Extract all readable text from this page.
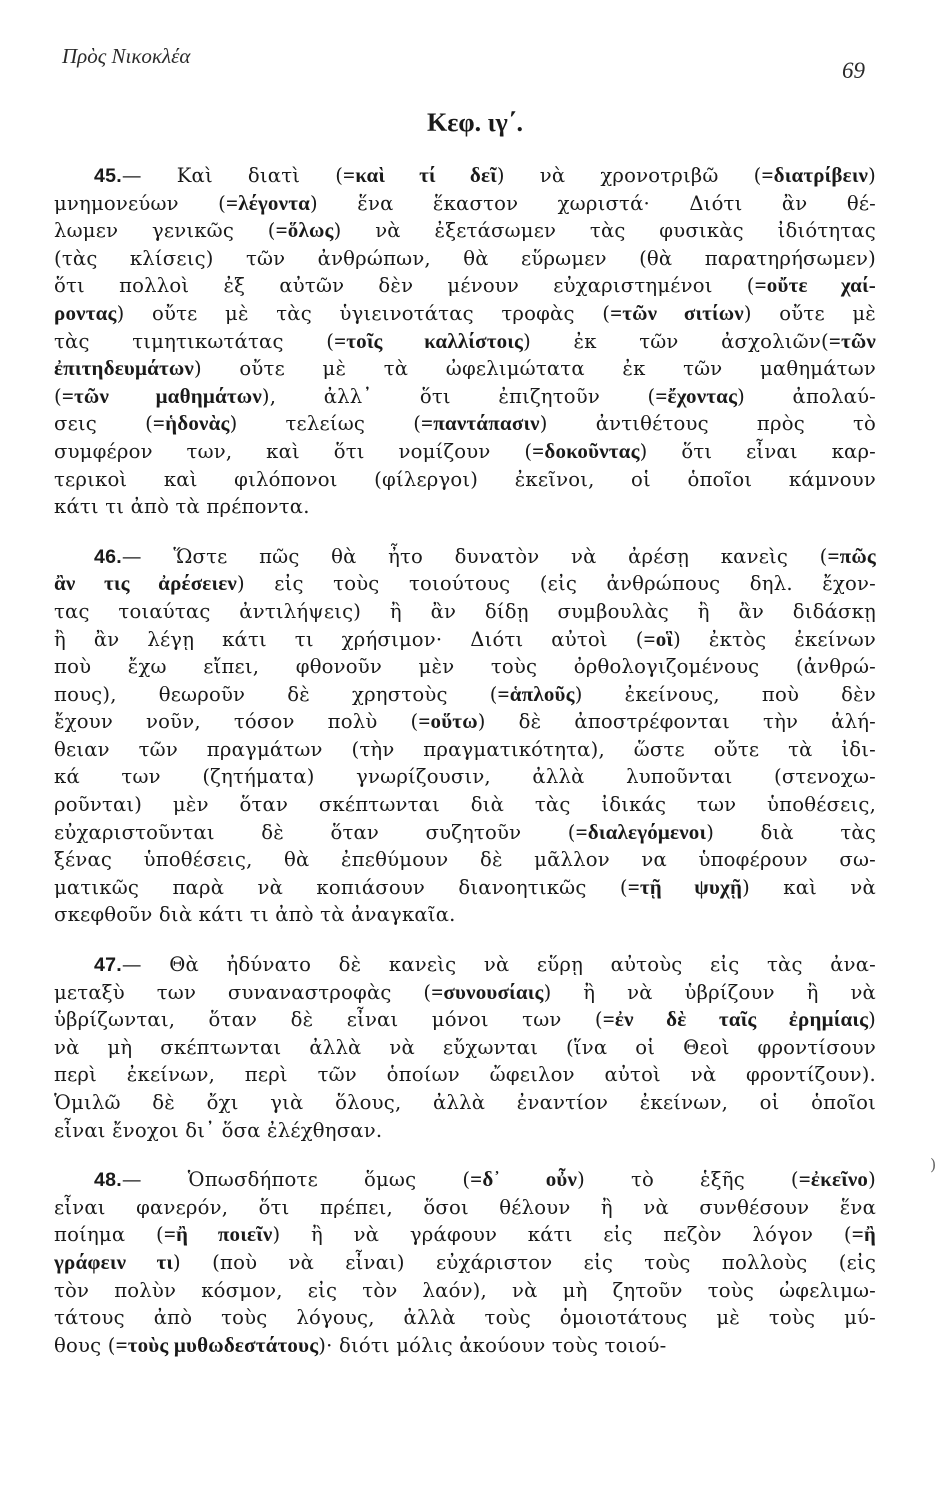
Πρὸς Νικοκλέα
69
Κεφ. ιγ΄.
45.— Καὶ διατὶ (=καὶ τί δεῖ) νὰ χρονοτριβῶ (=διατρίβειν)
μνημονεύων (=λέγοντα) ἕνα ἕκαστον χωριστά· Διότι ἂν θέ-
λωμεν γενικῶς (=ὅλως) νὰ ἐξετάσωμεν τὰς φυσικὰς ἰδιότητας
(τὰς κλίσεις) τῶν ἀνθρώπων, θὰ εὕρωμεν (θὰ παρατηρήσωμεν)
ὅτι πολλοὶ ἐξ αὐτῶν δὲν μένουν εὐχαριστημένοι (=οὔτε χαί-
ροντας) οὔτε μὲ τὰς ὑγιεινοτάτας τροφὰς (=τῶν σιτίων) οὔτε μὲ
τὰς τιμητικωτάτας (=τοῖς καλλίστοις) ἐκ τῶν ἀσχολιῶν(=τῶν
ἐπιτηδευμάτων) οὔτε μὲ τὰ ὠφελιμώτατα ἐκ τῶν μαθημάτων
(=τῶν μαθημάτων), ἀλλ᾽ ὅτι ἐπιζητοῦν (=ἔχοντας) ἀπολαύ-
σεις (=ἡδονὰς) τελείως (=παντάπασιν) ἀντιθέτους πρὸς τὸ
συμφέρον των, καὶ ὅτι νομίζουν (=δοκοῦντας) ὅτι εἶναι καρ-
τερικοὶ καὶ φιλόπονοι (φίλεργοι) ἐκεῖνοι, οἱ ὁποῖοι κάμνουν
κάτι τι ἀπὸ τὰ πρέποντα.
46.— Ὥστε πῶς θὰ ἦτο δυνατὸν νὰ ἀρέσῃ κανεὶς (=πῶς
ἂν τις ἀρέσειεν) εἰς τοὺς τοιούτους (εἰς ἀνθρώπους δηλ. ἔχον-
τας τοιαύτας ἀντιλήψεις) ἢ ἂν δίδῃ συμβουλὰς ἢ ἂν διδάσκῃ
ἢ ἂν λέγῃ κάτι τι χρήσιμον· Διότι αὐτοὶ (=οἳ) ἐκτὸς ἐκείνων
ποὺ ἔχω εἴπει, φθονοῦν μὲν τοὺς ὀρθολογιζομένους (ἀνθρώ-
πους), θεωροῦν δὲ χρηστοὺς (=ἁπλοῦς) ἐκείνους, ποὺ δὲν
ἔχουν νοῦν, τόσον πολὺ (=οὕτω) δὲ ἀποστρέφονται τὴν ἀλή-
θειαν τῶν πραγμάτων (τὴν πραγματικότητα), ὥστε οὔτε τὰ ἰδι-
κά των (ζητήματα) γνωρίζουσιν, ἀλλὰ λυποῦνται (στενοχω-
ροῦνται) μὲν ὅταν σκέπτωνται διὰ τὰς ἰδικάς των ὑποθέσεις,
εὐχαριστοῦνται δὲ ὅταν συζητοῦν (=διαλεγόμενοι) διὰ τὰς
ξένας ὑποθέσεις, θὰ ἐπεθύμουν δὲ μᾶλλον να ὑποφέρουν σω-
ματικῶς παρὰ νὰ κοπιάσουν διανοητικῶς (=τῇ ψυχῇ) καὶ νὰ
σκεφθοῦν διὰ κάτι τι ἀπὸ τὰ ἀναγκαῖα.
47.— Θὰ ἠδύνατο δὲ κανεὶς νὰ εὕρῃ αὐτοὺς εἰς τὰς ἀνα-
μεταξὺ των συναναστροφὰς (=συνουσίαις) ἢ νὰ ὑβρίζουν ἢ νὰ
ὑβρίζωνται, ὅταν δὲ εἶναι μόνοι των (=ἐν δὲ ταῖς ἐρημίαις)
νὰ μὴ σκέπτωνται ἀλλὰ νὰ εὔχωνται (ἵνα οἱ Θεοὶ φροντίσουν
περὶ ἐκείνων, περὶ τῶν ὁποίων ὤφειλον αὐτοὶ νὰ φροντίζουν).
Ὁμιλῶ δὲ ὄχι γιὰ ὅλους, ἀλλὰ ἐναντίον ἐκείνων, οἱ ὁποῖοι
εἶναι ἔνοχοι δι᾽ ὅσα ἐλέχθησαν.
48.— Ὁπωσδήποτε ὅμως (=δ᾽ οὖν) τὸ ἑξῆς (=ἐκεῖνο)
εἶναι φανερόν, ὅτι πρέπει, ὅσοι θέλουν ἢ νὰ συνθέσουν ἕνα
ποίημα (=ἢ ποιεῖν) ἢ νὰ γράφουν κάτι εἰς πεζὸν λόγον (=ἢ
γράφειν τι) (ποὺ νὰ εἶναι) εὐχάριστον εἰς τοὺς πολλοὺς (εἰς
τὸν πολὺν κόσμον, εἰς τὸν λαόν), νὰ μὴ ζητοῦν τοὺς ὠφελιμω-
τάτους ἀπὸ τοὺς λόγους, ἀλλὰ τοὺς ὁμοιοτάτους μὲ τοὺς μύ-
θους (=τοὺς μυθωδεστάτους)· διότι μόλις ἀκούουν τοὺς τοιού-
)
